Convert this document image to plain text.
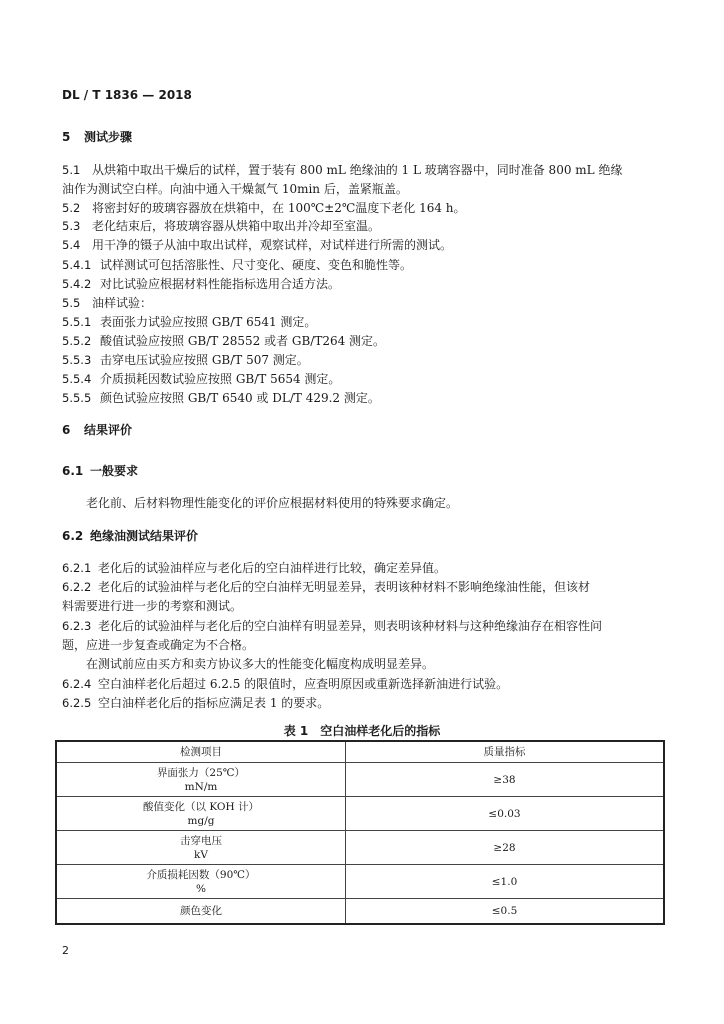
DL / T 1836 — 2018
5 测试步骤
5.1 从烘箱中取出干燥后的试样，置于装有 800 mL 绝缘油的 1 L 玻璃容器中，同时准备 800 mL 绝缘
油作为测试空白样。向油中通入干燥氮气 10min 后，盖紧瓶盖。
5.2 将密封好的玻璃容器放在烘箱中，在 100℃±2℃温度下老化 164 h。
5.3 老化结束后，将玻璃容器从烘箱中取出并冷却至室温。
5.4 用干净的镊子从油中取出试样，观察试样，对试样进行所需的测试。
5.4.1 试样测试可包括溶胀性、尺寸变化、硬度、变色和脆性等。
5.4.2 对比试验应根据材料性能指标选用合适方法。
5.5 油样试验：
5.5.1 表面张力试验应按照 GB/T 6541 测定。
5.5.2 酸值试验应按照 GB/T 28552 或者 GB/T264 测定。
5.5.3 击穿电压试验应按照 GB/T 507 测定。
5.5.4 介质损耗因数试验应按照 GB/T 5654 测定。
5.5.5 颜色试验应按照 GB/T 6540 或 DL/T 429.2 测定。
6 结果评价
6.1 一般要求
老化前、后材料物理性能变化的评价应根据材料使用的特殊要求确定。
6.2 绝缘油测试结果评价
6.2.1 老化后的试验油样应与老化后的空白油样进行比较，确定差异值。
6.2.2 老化后的试验油样与老化后的空白油样无明显差异，表明该种材料不影响绝缘油性能，但该材
料需要进行进一步的考察和测试。
6.2.3 老化后的试验油样与老化后的空白油样有明显差异，则表明该种材料与这种绝缘油存在相容性问
题，应进一步复查或确定为不合格。
在测试前应由买方和卖方协议多大的性能变化幅度构成明显差异。
6.2.4 空白油样老化后超过 6.2.5 的限值时，应查明原因或重新选择新油进行试验。
6.2.5 空白油样老化后的指标应满足表 1 的要求。
表 1　空白油样老化后的指标
检测项目	质量指标

界面张力（25℃）
mN/m	≥38

酸值变化（以 KOH 计）
mg/g	≤0.03

击穿电压
kV	≥28

介质损耗因数（90℃）
%	≤1.0

颜色变化	≤0.5
2
